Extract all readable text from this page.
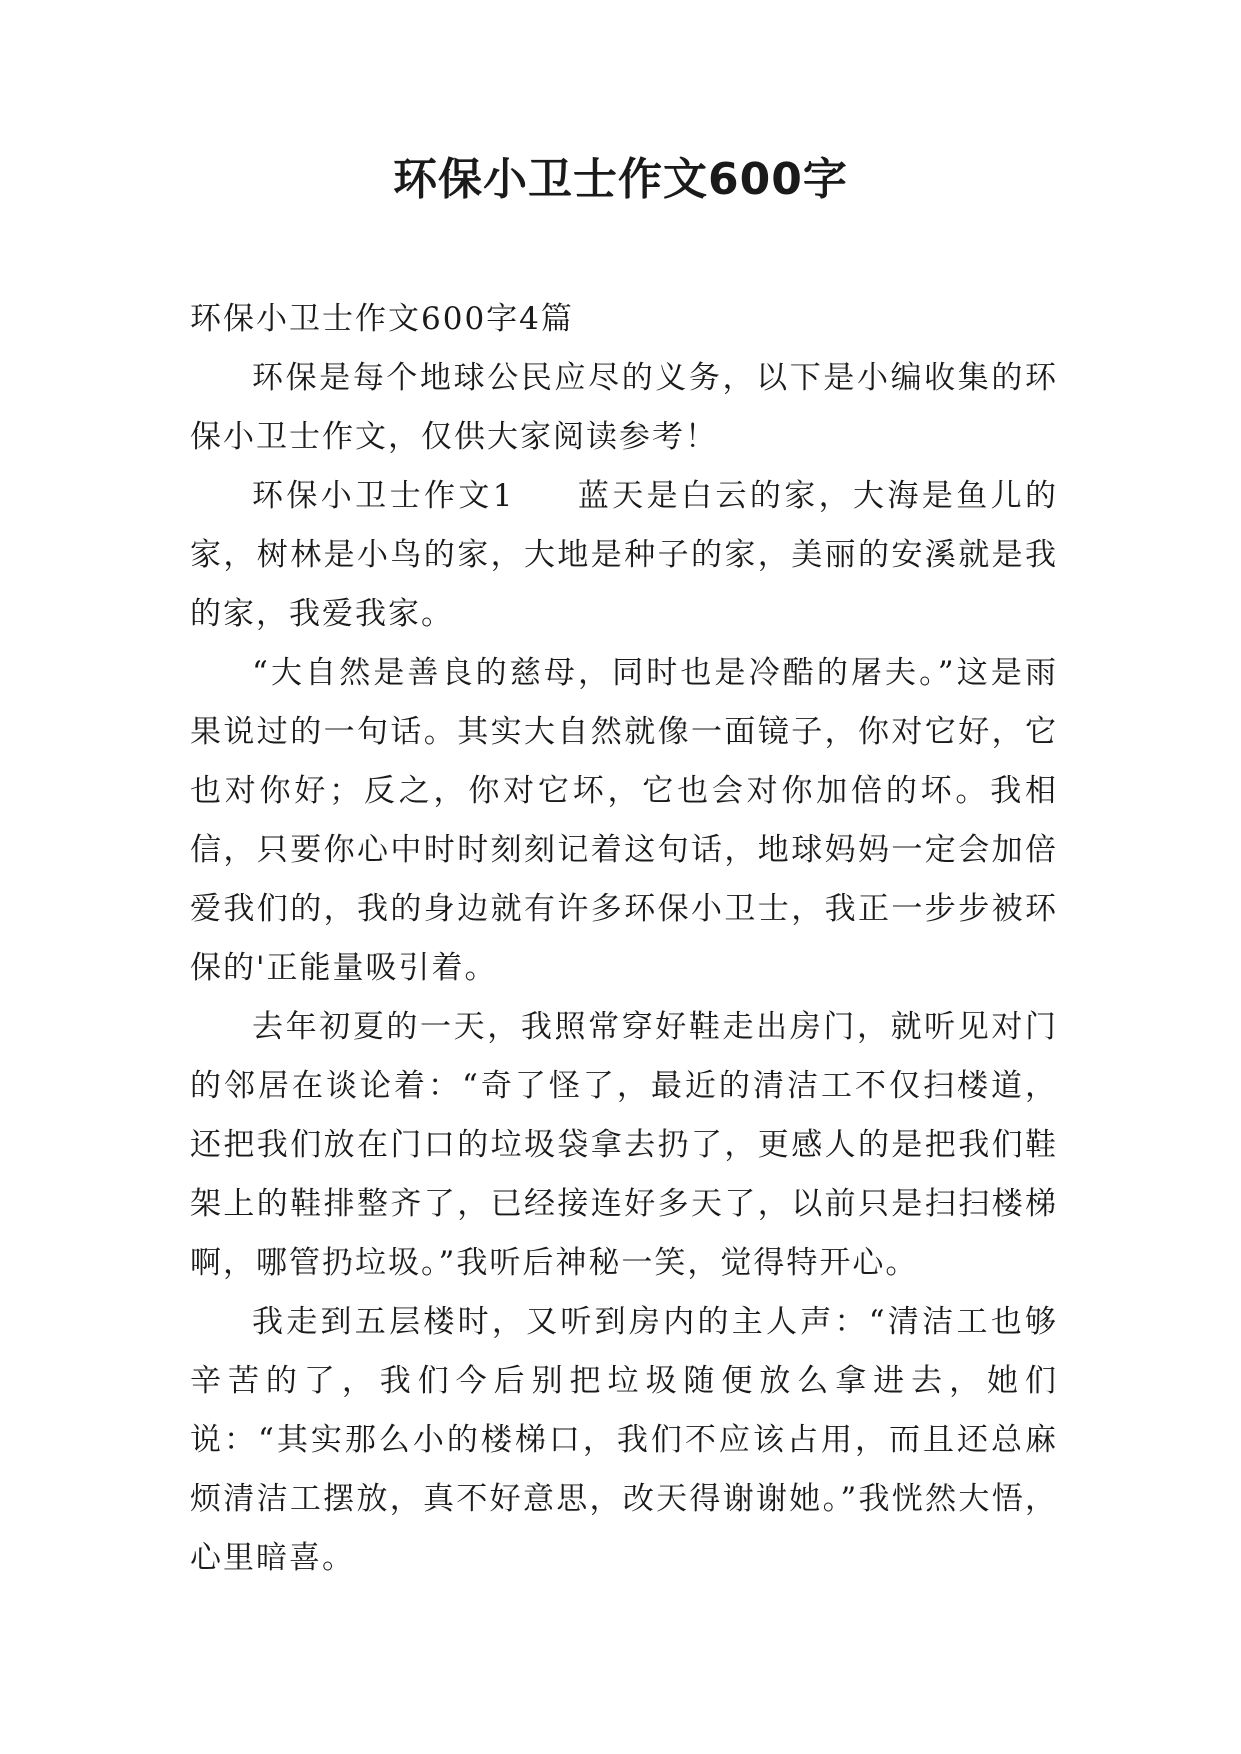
环保小卫士作文600字

环保小卫士作文600字4篇

环保是每个地球公民应尽的义务，以下是小编收集的环保小卫士作文，仅供大家阅读参考！

环保小卫士作文1 蓝天是白云的家，大海是鱼儿的家，树林是小鸟的家，大地是种子的家，美丽的安溪就是我的家，我爱我家。

“大自然是善良的慈母，同时也是冷酷的屠夫。”这是雨果说过的一句话。其实大自然就像一面镜子，你对它好，它也对你好；反之，你对它坏，它也会对你加倍的坏。我相信，只要你心中时时刻刻记着这句话，地球妈妈一定会加倍爱我们的，我的身边就有许多环保小卫士，我正一步步被环保的'正能量吸引着。

去年初夏的一天，我照常穿好鞋走出房门，就听见对门的邻居在谈论着：“奇了怪了，最近的清洁工不仅扫楼道，还把我们放在门口的垃圾袋拿去扔了，更感人的是把我们鞋架上的鞋排整齐了，已经接连好多天了，以前只是扫扫楼梯啊，哪管扔垃圾。”我听后神秘一笑，觉得特开心。

我走到五层楼时，又听到房内的主人声：“清洁工也够辛苦的了，我们今后别把垃圾随便放么拿进去，她们说：“其实那么小的楼梯口，我们不应该占用，而且还总麻烦清洁工摆放，真不好意思，改天得谢谢她。”我恍然大悟，心里暗喜。
